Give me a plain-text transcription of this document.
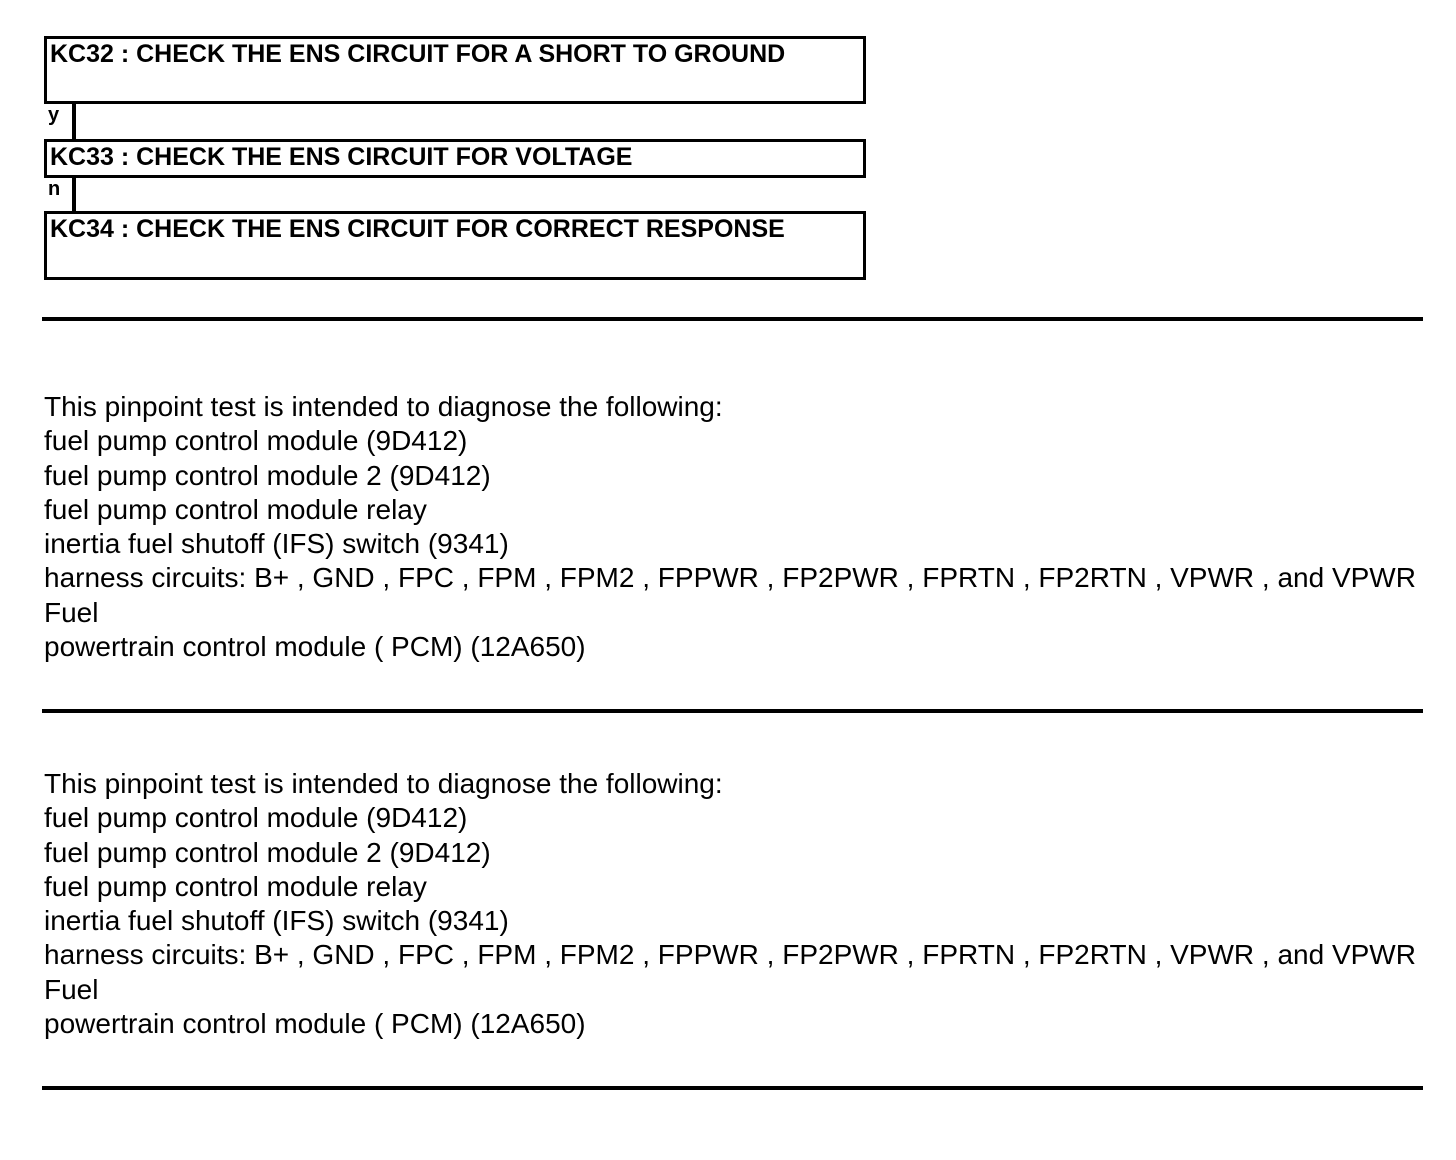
KC32 : CHECK THE ENS CIRCUIT FOR A SHORT TO GROUND
y
KC33 : CHECK THE ENS CIRCUIT FOR VOLTAGE
n
KC34 : CHECK THE ENS CIRCUIT FOR CORRECT RESPONSE
This pinpoint test is intended to diagnose the following:
fuel pump control module (9D412)
fuel pump control module 2 (9D412)
fuel pump control module relay
inertia fuel shutoff (IFS) switch (9341)
harness circuits: B+ , GND , FPC , FPM , FPM2 , FPPWR , FP2PWR , FPRTN , FP2RTN , VPWR , and VPWR Fuel
powertrain control module ( PCM) (12A650)
This pinpoint test is intended to diagnose the following:
fuel pump control module (9D412)
fuel pump control module 2 (9D412)
fuel pump control module relay
inertia fuel shutoff (IFS) switch (9341)
harness circuits: B+ , GND , FPC , FPM , FPM2 , FPPWR , FP2PWR , FPRTN , FP2RTN , VPWR , and VPWR Fuel
powertrain control module ( PCM) (12A650)
